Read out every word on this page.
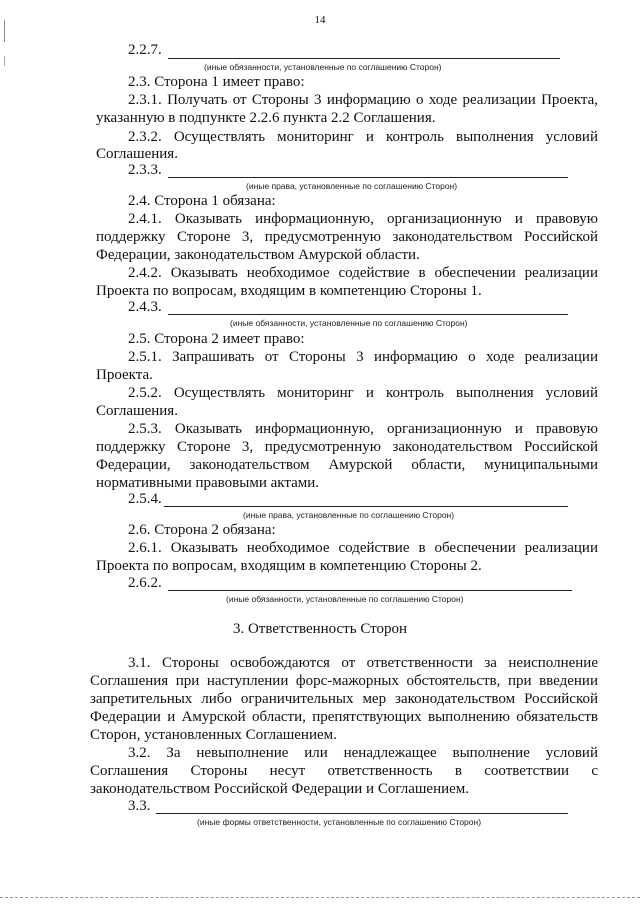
14
2.2.7.
(иные обязанности, установленные по соглашению Сторон)
2.3. Сторона 1 имеет право:
2.3.1. Получать от Стороны 3 информацию о ходе реализации Проекта,
указанную в подпункте 2.2.6 пункта 2.2 Соглашения.
2.3.2. Осуществлять мониторинг и контроль выполнения условий
Соглашения.
2.3.3.
(иные права, установленные по соглашению Сторон)
2.4. Сторона 1 обязана:
2.4.1. Оказывать информационную, организационную и правовую
поддержку Стороне 3, предусмотренную законодательством Российской
Федерации, законодательством Амурской области.
2.4.2. Оказывать необходимое содействие в обеспечении реализации
Проекта по вопросам, входящим в компетенцию Стороны 1.
2.4.3.
(иные обязанности, установленные по соглашению Сторон)
2.5. Сторона 2 имеет право:
2.5.1. Запрашивать от Стороны 3 информацию о ходе реализации
Проекта.
2.5.2. Осуществлять мониторинг и контроль выполнения условий
Соглашения.
2.5.3. Оказывать информационную, организационную и правовую
поддержку Стороне 3, предусмотренную законодательством Российской
Федерации, законодательством Амурской области, муниципальными
нормативными правовыми актами.
2.5.4.
(иные права, установленные по соглашению Сторон)
2.6. Сторона 2 обязана:
2.6.1. Оказывать необходимое содействие в обеспечении реализации
Проекта по вопросам, входящим в компетенцию Стороны 2.
2.6.2.
(иные обязанности, установленные по соглашению Сторон)
3. Ответственность Сторон
3.1. Стороны освобождаются от ответственности за неисполнение
Соглашения при наступлении форс-мажорных обстоятельств, при введении
запретительных либо ограничительных мер законодательством Российской
Федерации и Амурской области, препятствующих выполнению обязательств
Сторон, установленных Соглашением.
3.2. За невыполнение или ненадлежащее выполнение условий
Соглашения Стороны несут ответственность в соответствии с
законодательством Российской Федерации и Соглашением.
3.3.
(иные формы ответственности, установленные по соглашению Сторон)
